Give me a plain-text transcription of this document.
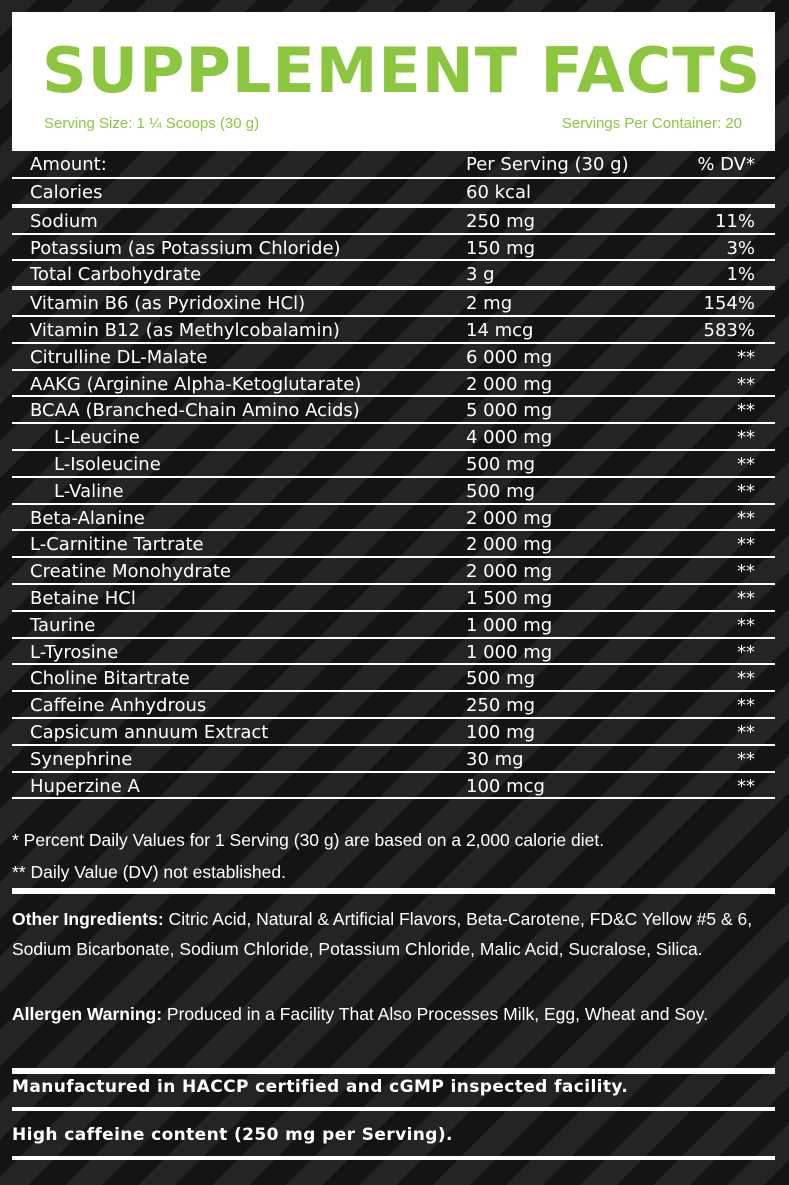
SUPPLEMENT FACTS
Serving Size: 1 ¼ Scoops (30 g)	Servings Per Container: 20
Amount:	Per Serving (30 g)	% DV*
Calories	60 kcal
Sodium	250 mg	11%
Potassium (as Potassium Chloride)	150 mg	3%
Total Carbohydrate	3 g	1%
Vitamin B6 (as Pyridoxine HCl)	2 mg	154%
Vitamin B12 (as Methylcobalamin)	14 mcg	583%
Citrulline DL-Malate	6 000 mg	**
AAKG (Arginine Alpha-Ketoglutarate)	2 000 mg	**
BCAA (Branched-Chain Amino Acids)	5 000 mg	**
L-Leucine	4 000 mg	**
L-Isoleucine	500 mg	**
L-Valine	500 mg	**
Beta-Alanine	2 000 mg	**
L-Carnitine Tartrate	2 000 mg	**
Creatine Monohydrate	2 000 mg	**
Betaine HCl	1 500 mg	**
Taurine	1 000 mg	**
L-Tyrosine	1 000 mg	**
Choline Bitartrate	500 mg	**
Caffeine Anhydrous	250 mg	**
Capsicum annuum Extract	100 mg	**
Synephrine	30 mg	**
Huperzine A	100 mcg	**
* Percent Daily Values for 1 Serving (30 g) are based on a 2,000 calorie diet.
** Daily Value (DV) not established.
Other Ingredients: Citric Acid, Natural & Artificial Flavors, Beta-Carotene, FD&C Yellow #5 & 6, Sodium Bicarbonate, Sodium Chloride, Potassium Chloride, Malic Acid, Sucralose, Silica.
Allergen Warning: Produced in a Facility That Also Processes Milk, Egg, Wheat and Soy.
Manufactured in HACCP certified and cGMP inspected facility.
High caffeine content (250 mg per Serving).
